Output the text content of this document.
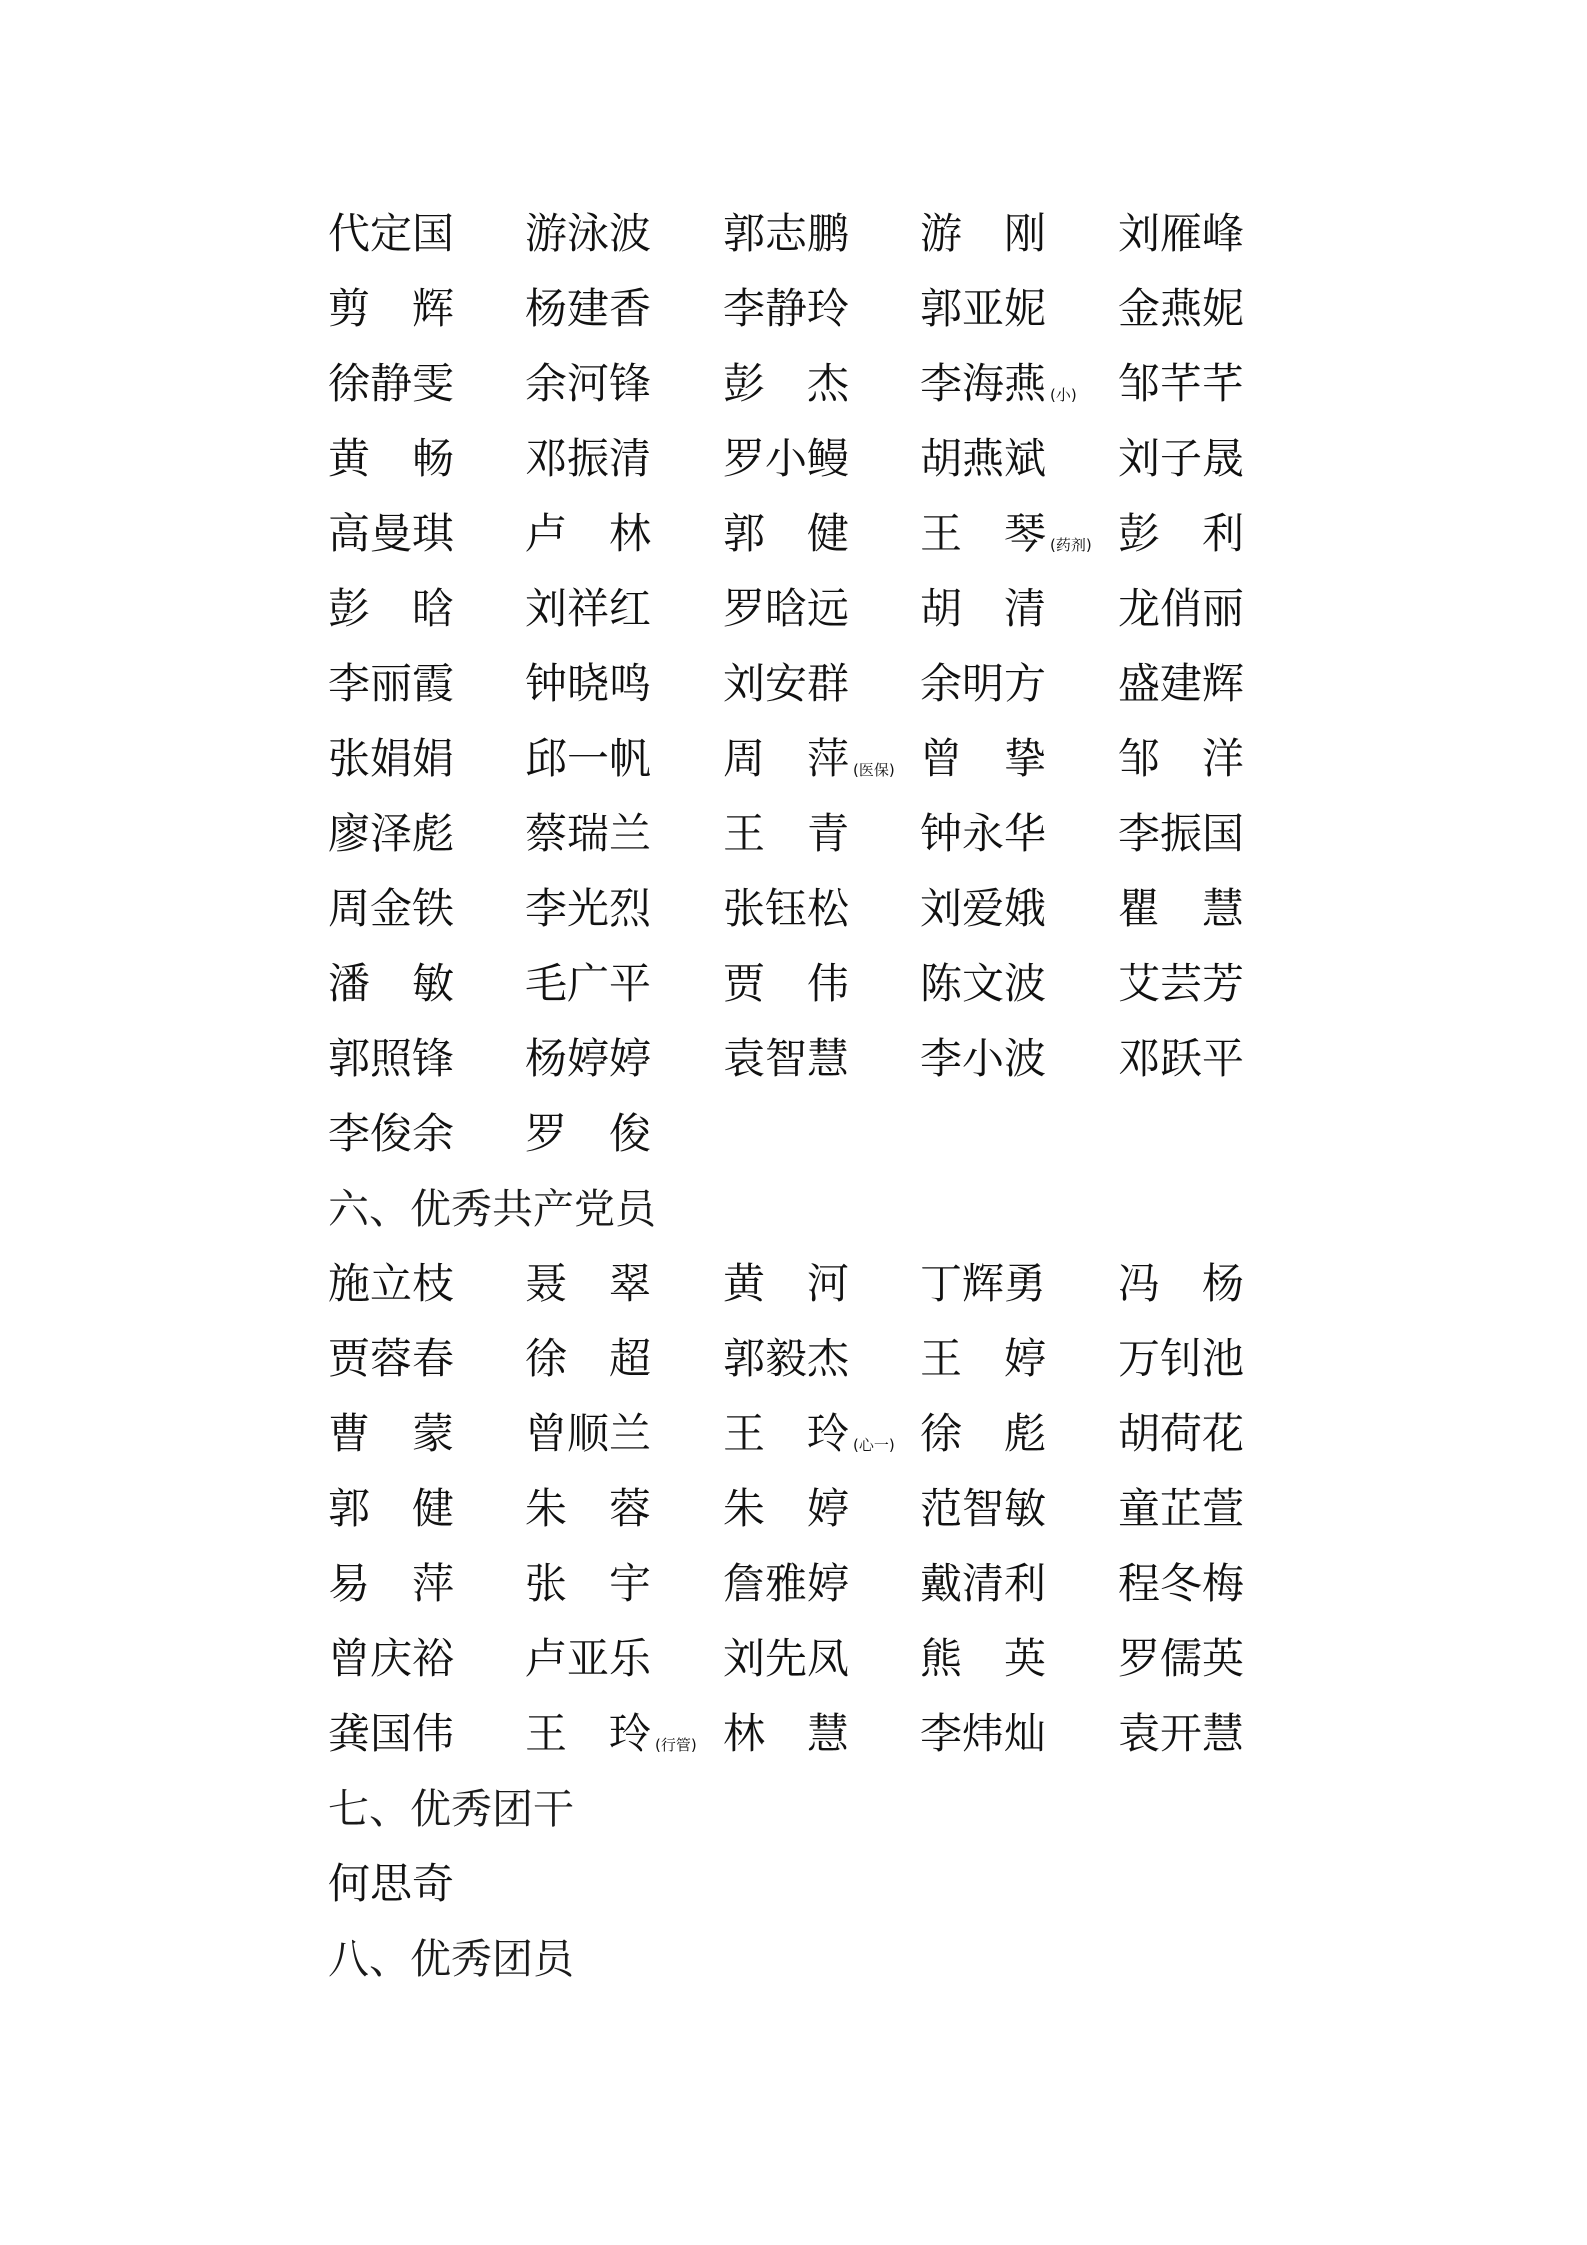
代定国 游泳波 郭志鹏 游刚 刘雁峰
剪辉 杨建香 李静玲 郭亚妮 金燕妮
徐静雯 余河锋 彭杰 李海燕 (小) 邹芊芊
黄畅 邓振清 罗小鳗 胡燕斌 刘子晟
高曼琪 卢林 郭健 王琴 (药剂) 彭利
彭晗 刘祥红 罗晗远 胡清 龙俏丽
李丽霞 钟晓鸣 刘安群 余明方 盛建辉
张娟娟 邱一帆 周萍 (医保) 曾挚 邹洋
廖泽彪 蔡瑞兰 王青 钟永华 李振国
周金铁 李光烈 张钰松 刘爱娥 瞿慧
潘敏 毛广平 贾伟 陈文波 艾芸芳
郭照锋 杨婷婷 袁智慧 李小波 邓跃平
李俊余 罗俊
六、优秀共产党员
施立枝 聂翠 黄河 丁辉勇 冯杨
贾蓉春 徐超 郭毅杰 王婷 万钊池
曹蒙 曾顺兰 王玲 (心一) 徐彪 胡荷花
郭健 朱蓉 朱婷 范智敏 童芷萱
易萍 张宇 詹雅婷 戴清利 程冬梅
曾庆裕 卢亚乐 刘先凤 熊英 罗儒英
龚国伟 王玲 (行管) 林慧 李炜灿 袁开慧
七、优秀团干
何思奇
八、优秀团员
